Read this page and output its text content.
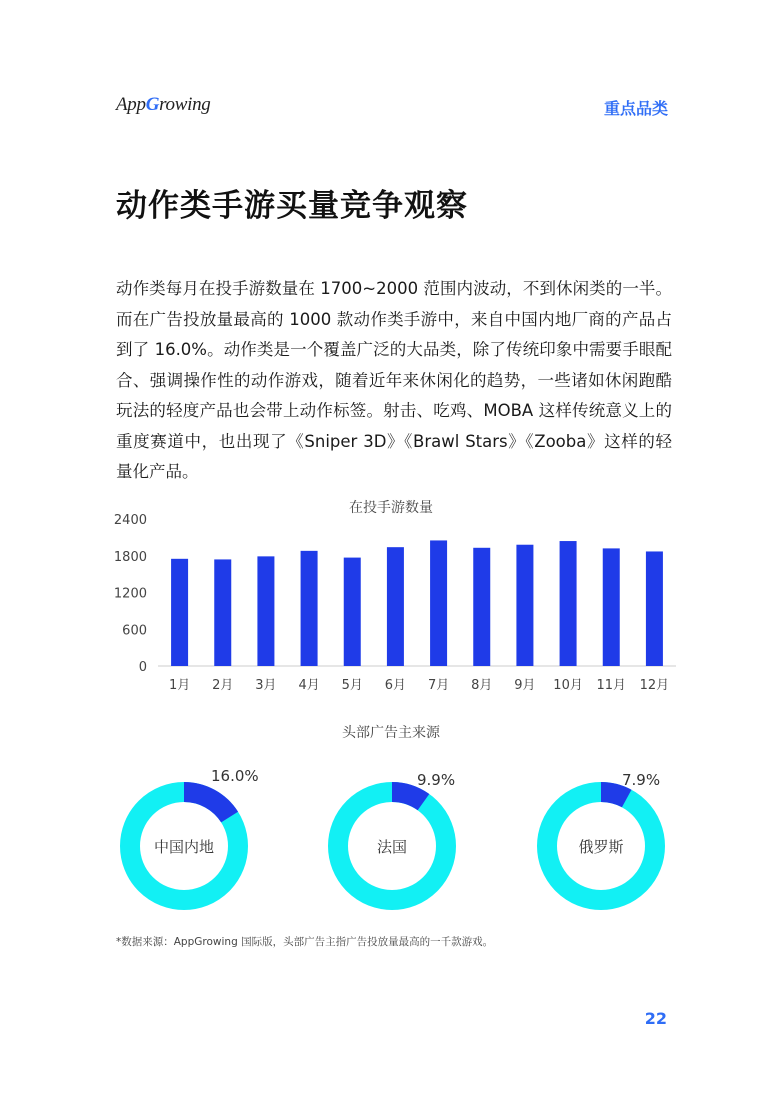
AppGrowing	重点品类
动作类手游买量竞争观察
动作类每月在投手游数量在 1700~2000 范围内波动，不到休闲类的一半。而在广告投放量最高的 1000 款动作类手游中，来自中国内地厂商的产品占到了 16.0%。动作类是一个覆盖广泛的大品类，除了传统印象中需要手眼配合、强调操作性的动作游戏，随着近年来休闲化的趋势，一些诸如休闲跑酷玩法的轻度产品也会带上动作标签。射击、吃鸡、MOBA 这样传统意义上的重度赛道中，也出现了《Sniper 3D》《Brawl Stars》《Zooba》这样的轻量化产品。
在投手游数量
0
600
1200
1800
2400
1月 2月 3月 4月 5月 6月 7月 8月 9月 10月 11月 12月
头部广告主来源
中国内地
16.0%
法国
9.9%
俄罗斯
7.9%
*数据来源：AppGrowing 国际版，头部广告主指广告投放量最高的一千款游戏。
22
